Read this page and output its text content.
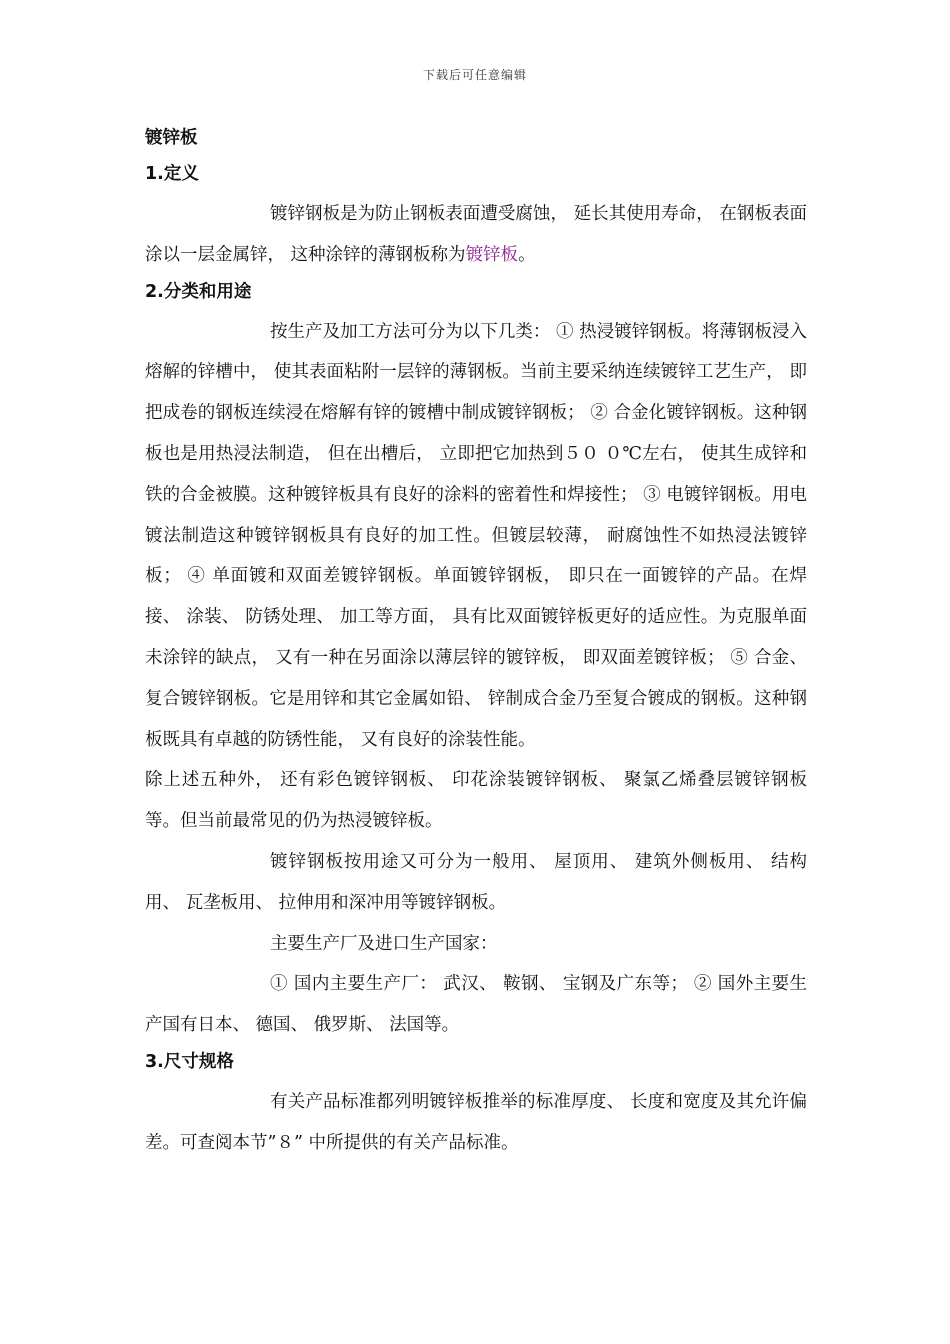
下载后可任意编辑

镀锌板

1.定义

镀锌钢板是为防止钢板表面遭受腐蚀， 延长其使用寿命， 在钢板表面涂以一层金属锌， 这种涂锌的薄钢板称为镀锌板。

2.分类和用途

按生产及加工方法可分为以下几类： ① 热浸镀锌钢板。将薄钢板浸入熔解的锌槽中， 使其表面粘附一层锌的薄钢板。当前主要采纳连续镀锌工艺生产， 即把成卷的钢板连续浸在熔解有锌的镀槽中制成镀锌钢板； ② 合金化镀锌钢板。这种钢板也是用热浸法制造， 但在出槽后， 立即把它加热到５０ ０℃左右， 使其生成锌和铁的合金被膜。这种镀锌板具有良好的涂料的密着性和焊接性； ③ 电镀锌钢板。用电镀法制造这种镀锌钢板具有良好的加工性。但镀层较薄， 耐腐蚀性不如热浸法镀锌板； ④ 单面镀和双面差镀锌钢板。单面镀锌钢板， 即只在一面镀锌的产品。在焊接、 涂装、 防锈处理、 加工等方面， 具有比双面镀锌板更好的适应性。为克服单面未涂锌的缺点， 又有一种在另面涂以薄层锌的镀锌板， 即双面差镀锌板； ⑤ 合金、 复合镀锌钢板。它是用锌和其它金属如铅、 锌制成合金乃至复合镀成的钢板。这种钢板既具有卓越的防锈性能， 又有良好的涂装性能。

除上述五种外， 还有彩色镀锌钢板、 印花涂装镀锌钢板、 聚氯乙烯叠层镀锌钢板等。但当前最常见的仍为热浸镀锌板。

镀锌钢板按用途又可分为一般用、 屋顶用、 建筑外侧板用、 结构用、 瓦垄板用、 拉伸用和深冲用等镀锌钢板。

主要生产厂及进口生产国家：

① 国内主要生产厂： 武汉、 鞍钢、 宝钢及广东等； ② 国外主要生产国有日本、 德国、 俄罗斯、 法国等。

3.尺寸规格

有关产品标准都列明镀锌板推举的标准厚度、 长度和宽度及其允许偏差。可查阅本节”８” 中所提供的有关产品标准。
